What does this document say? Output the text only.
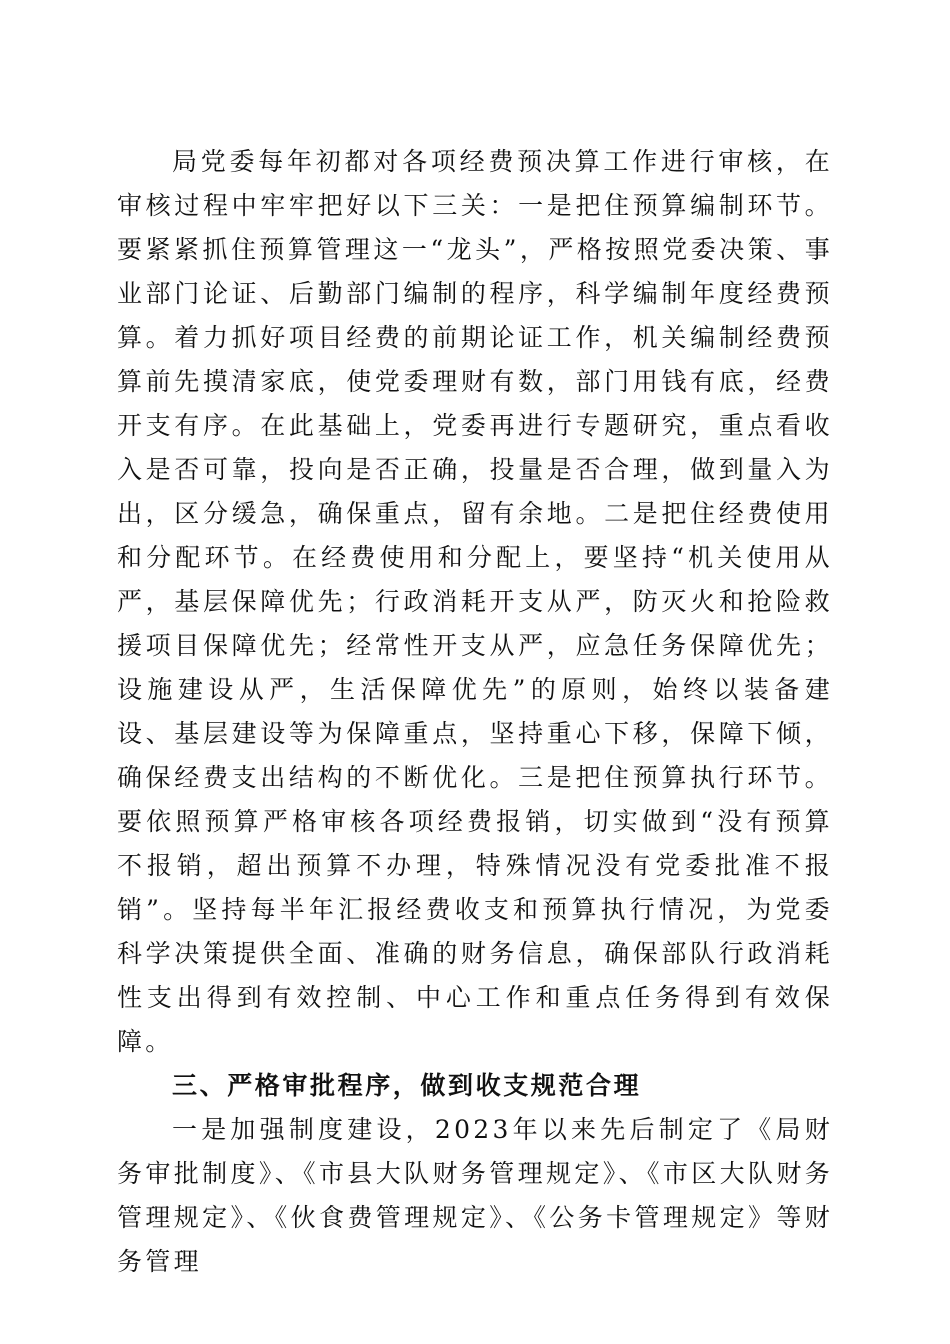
局党委每年初都对各项经费预决算工作进行审核，在审核过程中牢牢把好以下三关：一是把住预算编制环节。要紧紧抓住预算管理这一“龙头”，严格按照党委决策、事业部门论证、后勤部门编制的程序，科学编制年度经费预算。着力抓好项目经费的前期论证工作，机关编制经费预算前先摸清家底，使党委理财有数，部门用钱有底，经费开支有序。在此基础上，党委再进行专题研究，重点看收入是否可靠，投向是否正确，投量是否合理，做到量入为出，区分缓急，确保重点，留有余地。二是把住经费使用和分配环节。在经费使用和分配上，要坚持“机关使用从严，基层保障优先；行政消耗开支从严，防灭火和抢险救援项目保障优先；经常性开支从严，应急任务保障优先；设施建设从严，生活保障优先”的原则，始终以装备建设、基层建设等为保障重点，坚持重心下移，保障下倾，确保经费支出结构的不断优化。三是把住预算执行环节。要依照预算严格审核各项经费报销，切实做到“没有预算不报销，超出预算不办理，特殊情况没有党委批准不报销”。坚持每半年汇报经费收支和预算执行情况，为党委科学决策提供全面、准确的财务信息，确保部队行政消耗性支出得到有效控制、中心工作和重点任务得到有效保障。

三、严格审批程序，做到收支规范合理

一是加强制度建设，2023年以来先后制定了《局财务审批制度》、《市县大队财务管理规定》、《市区大队财务管理规定》、《伙食费管理规定》、《公务卡管理规定》等财务管理
